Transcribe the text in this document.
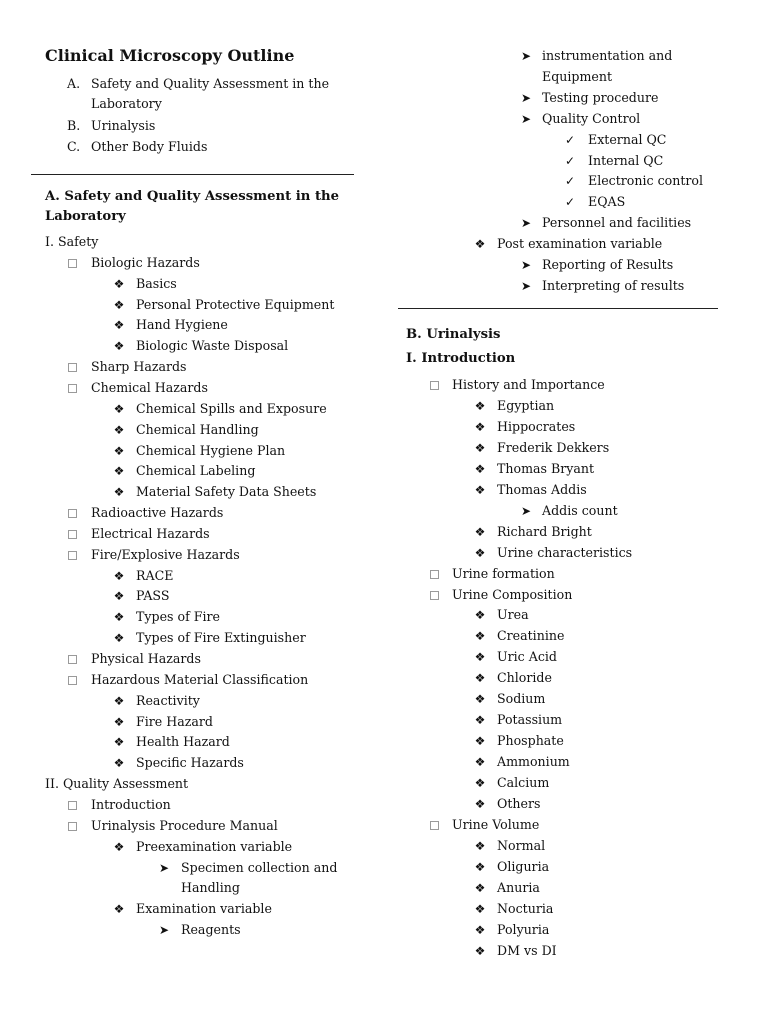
Clinical Microscopy Outline
A. Safety and Quality Assessment in the
Laboratory
B. Urinalysis
C. Other Body Fluids
A. Safety and Quality Assessment in the
Laboratory
I. Safety
Biologic Hazards
❖ Basics
❖ Personal Protective Equipment
❖ Hand Hygiene
❖ Biologic Waste Disposal
Sharp Hazards
Chemical Hazards
❖ Chemical Spills and Exposure
❖ Chemical Handling
❖ Chemical Hygiene Plan
❖ Chemical Labeling
❖ Material Safety Data Sheets
Radioactive Hazards
Electrical Hazards
Fire/Explosive Hazards
❖ RACE
❖ PASS
❖ Types of Fire
❖ Types of Fire Extinguisher
Physical Hazards
Hazardous Material Classification
❖ Reactivity
❖ Fire Hazard
❖ Health Hazard
❖ Specific Hazards
II. Quality Assessment
Introduction
Urinalysis Procedure Manual
❖ Preexamination variable
➤ Specimen collection and
Handling
❖ Examination variable
➤ Reagents
➤ instrumentation and
Equipment
➤ Testing procedure
➤ Quality Control
✓ External QC
✓ Internal QC
✓ Electronic control
✓ EQAS
➤ Personnel and facilities
❖ Post examination variable
➤ Reporting of Results
➤ Interpreting of results
B. Urinalysis
I. Introduction
History and Importance
❖ Egyptian
❖ Hippocrates
❖ Frederik Dekkers
❖ Thomas Bryant
❖ Thomas Addis
➤ Addis count
❖ Richard Bright
❖ Urine characteristics
Urine formation
Urine Composition
❖ Urea
❖ Creatinine
❖ Uric Acid
❖ Chloride
❖ Sodium
❖ Potassium
❖ Phosphate
❖ Ammonium
❖ Calcium
❖ Others
Urine Volume
❖ Normal
❖ Oliguria
❖ Anuria
❖ Nocturia
❖ Polyuria
❖ DM vs DI
